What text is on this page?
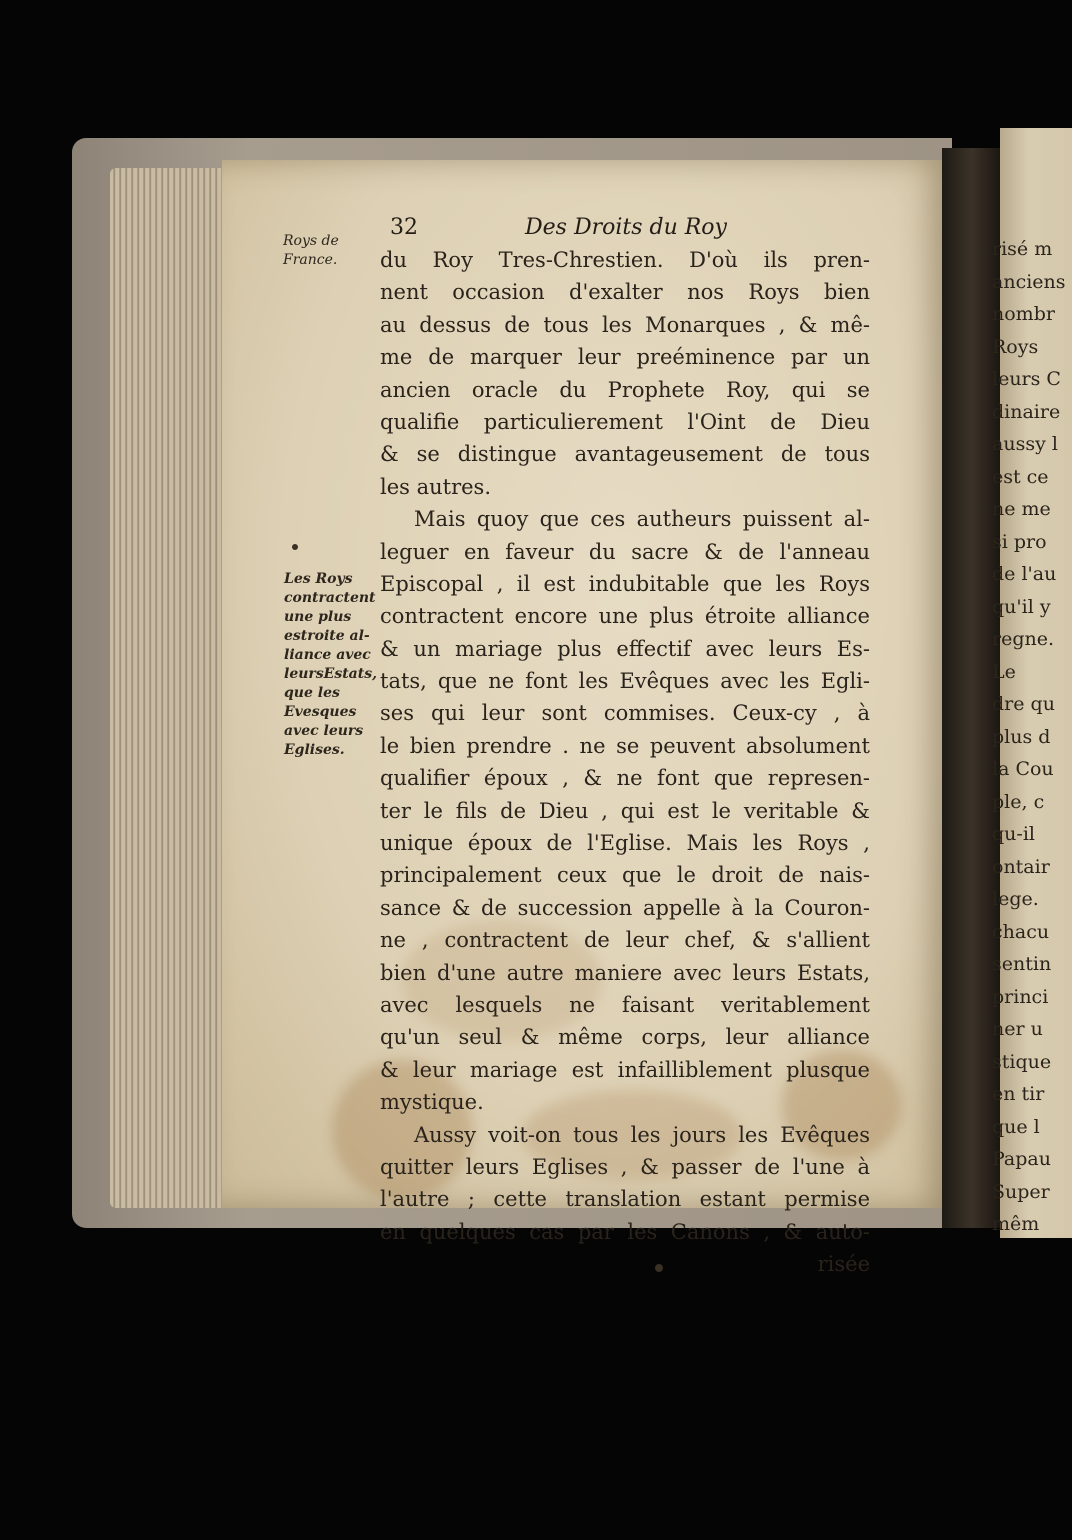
risé m

anciens

nombr

Roys

leurs C

dinaire

aussy l

est ce

ne me

si pro

de l'au

qu'il y

regne.

Le

dre qu

plus d

la Cou

ple, c

qu-il

ontair

lege.

chacu

sentin

princi

ner u

stique

en tir

que l

Papau

Super

mêm

32	Des Droits du Roy
Roys de
France.
Les Roys
contractent
une plus
estroite al-
liance avec
leursEstats,
que les
Evesques
avec leurs
Eglises.
du Roy Tres-Chrestien. D'où ils pren-
nent occasion d'exalter nos Roys bien
au dessus de tous les Monarques , & mê-
me de marquer leur preéminence par un
ancien oracle du Prophete Roy, qui se
qualifie particulierement l'Oint de Dieu
& se distingue avantageusement de tous
les autres.
Mais quoy que ces autheurs puissent al-
leguer en faveur du sacre & de l'anneau
Episcopal , il est indubitable que les Roys
contractent encore une plus étroite alliance
& un mariage plus effectif avec leurs Es-
tats, que ne font les Evêques avec les Egli-
ses qui leur sont commises. Ceux-cy , à
le bien prendre . ne se peuvent absolument
qualifier époux , & ne font que represen-
ter le fils de Dieu , qui est le veritable &
unique époux de l'Eglise. Mais les Roys ,
principalement ceux que le droit de nais-
sance & de succession appelle à la Couron-
ne , contractent de leur chef, & s'allient
bien d'une autre maniere avec leurs Estats,
avec lesquels ne faisant veritablement
qu'un seul & même corps, leur alliance
& leur mariage est infailliblement plusque
mystique.
Aussy voit-on tous les jours les Evêques
quitter leurs Eglises , & passer de l'une à
l'autre ; cette translation estant permise
en quelques cas par les Canons , & auto-
risée
